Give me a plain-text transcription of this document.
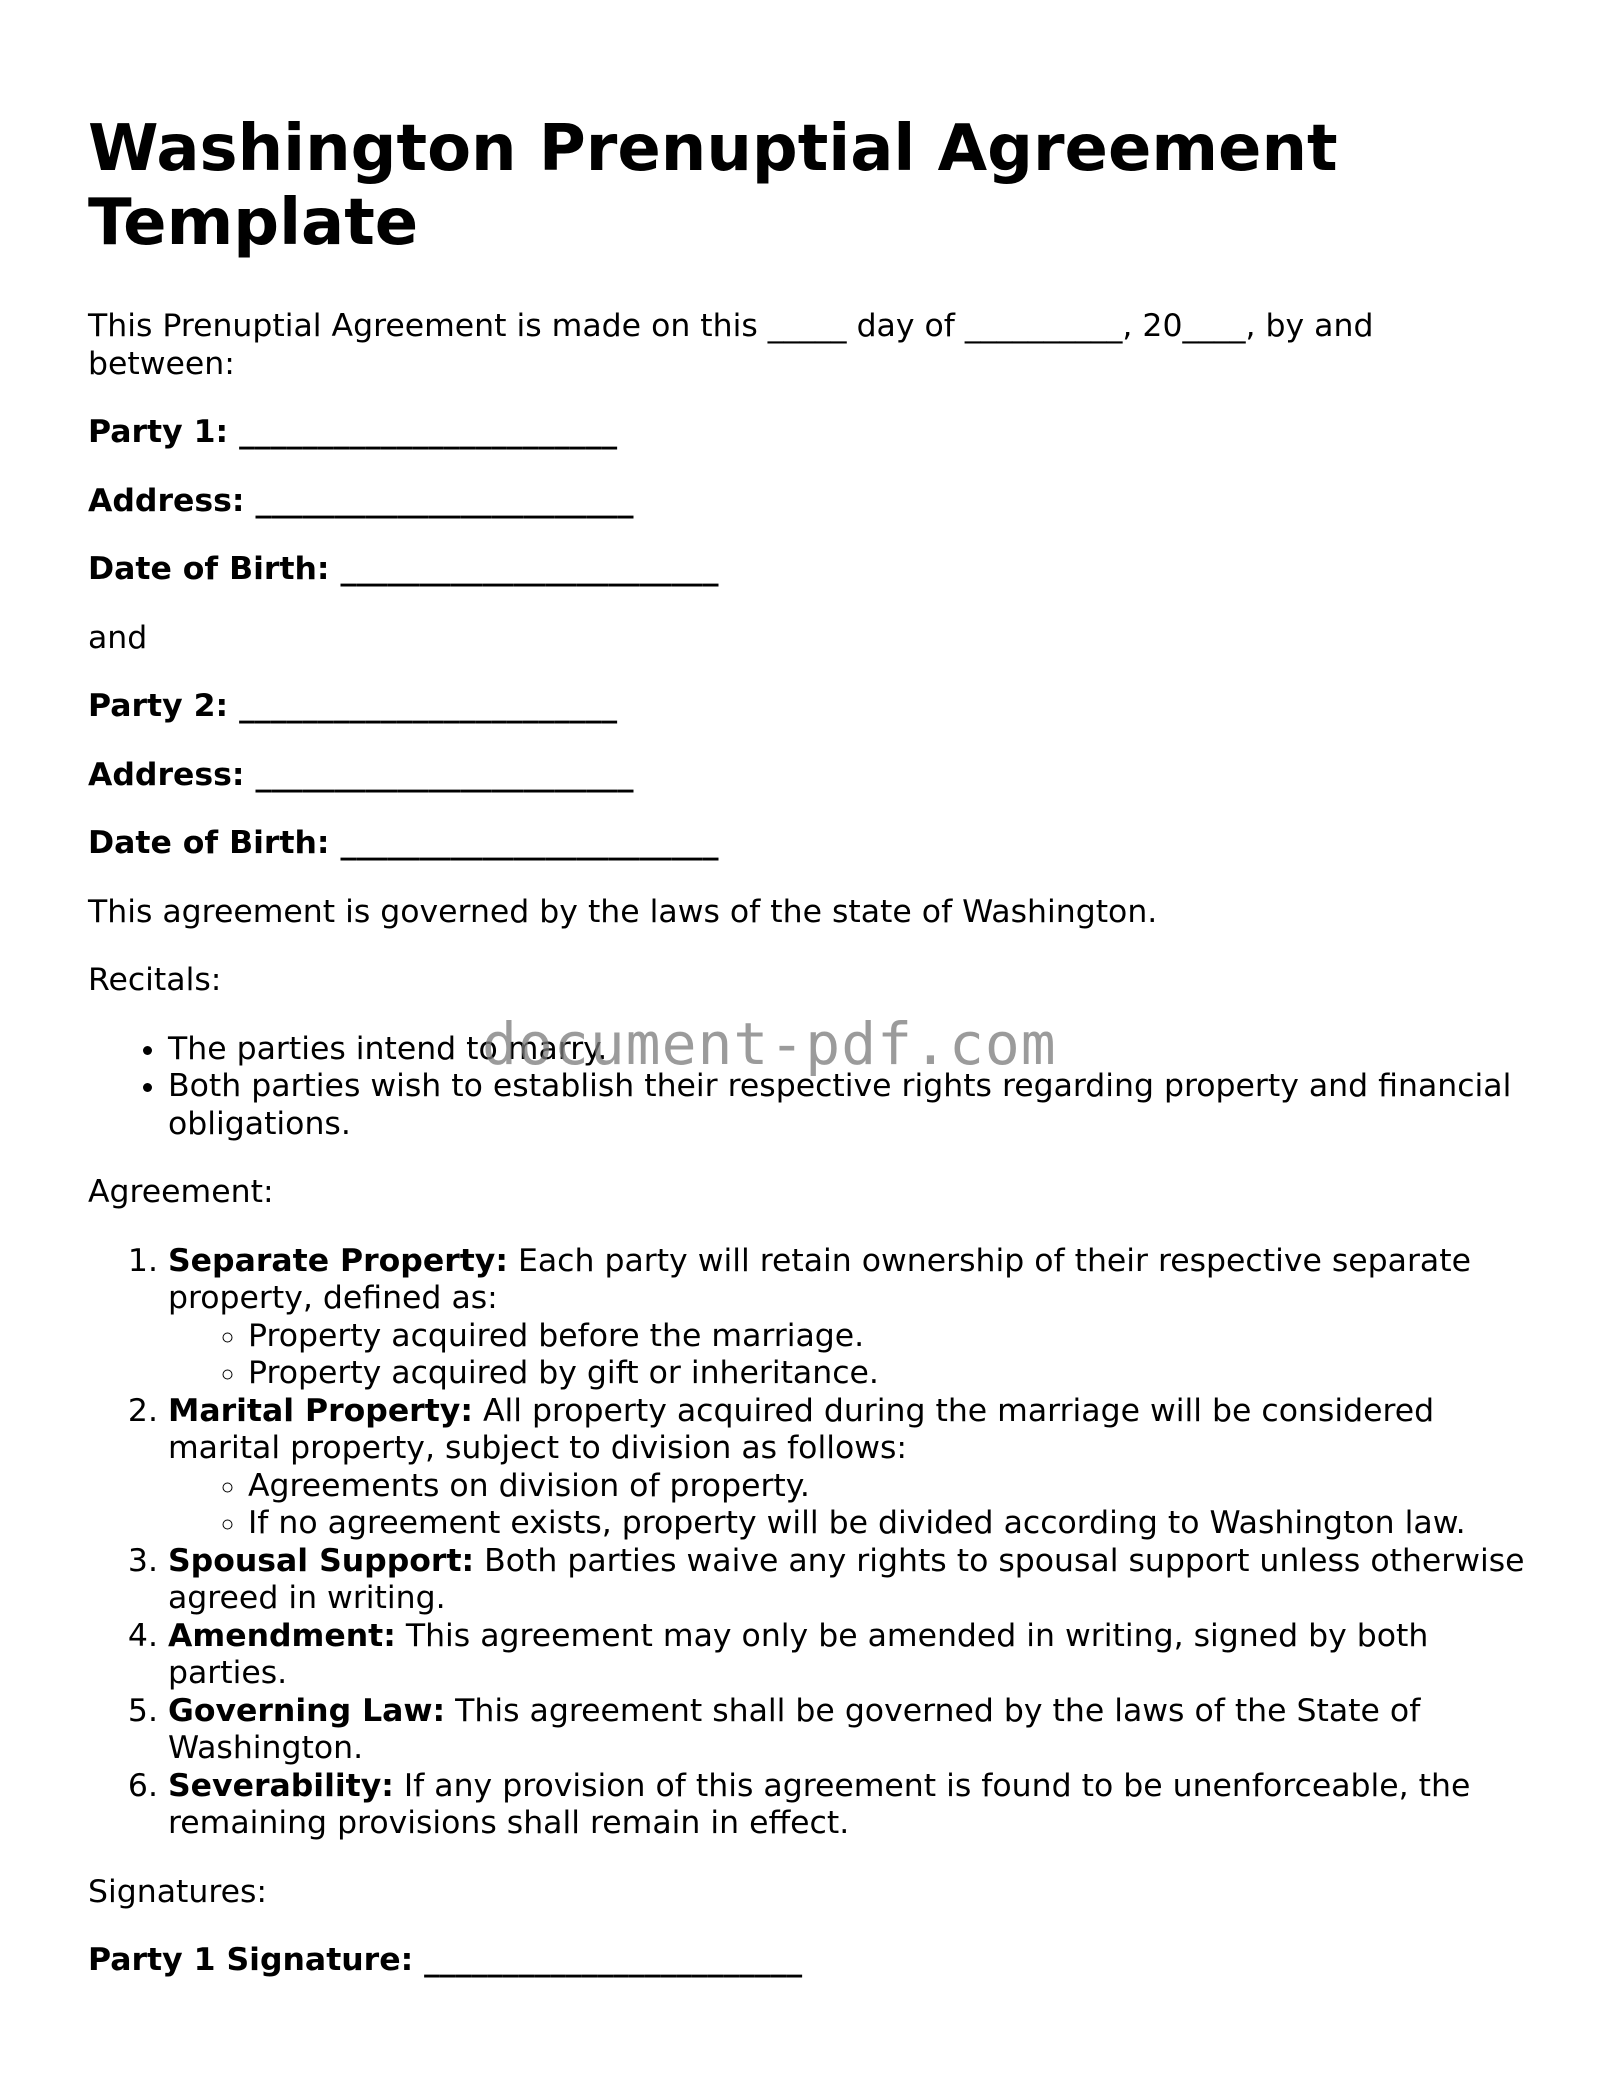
Washington Prenuptial Agreement Template

This Prenuptial Agreement is made on this _____ day of __________, 20____, by and between:

Party 1: ________________________

Address: ________________________

Date of Birth: ________________________

and

Party 2: ________________________

Address: ________________________

Date of Birth: ________________________

This agreement is governed by the laws of the state of Washington.

Recitals:

• The parties intend to marry.
• Both parties wish to establish their respective rights regarding property and financial obligations.

Agreement:

1. Separate Property: Each party will retain ownership of their respective separate property, defined as:
◦ Property acquired before the marriage.
◦ Property acquired by gift or inheritance.
2. Marital Property: All property acquired during the marriage will be considered marital property, subject to division as follows:
◦ Agreements on division of property.
◦ If no agreement exists, property will be divided according to Washington law.
3. Spousal Support: Both parties waive any rights to spousal support unless otherwise agreed in writing.
4. Amendment: This agreement may only be amended in writing, signed by both parties.
5. Governing Law: This agreement shall be governed by the laws of the State of Washington.
6. Severability: If any provision of this agreement is found to be unenforceable, the remaining provisions shall remain in effect.

Signatures:

Party 1 Signature: ________________________

document-pdf.com
